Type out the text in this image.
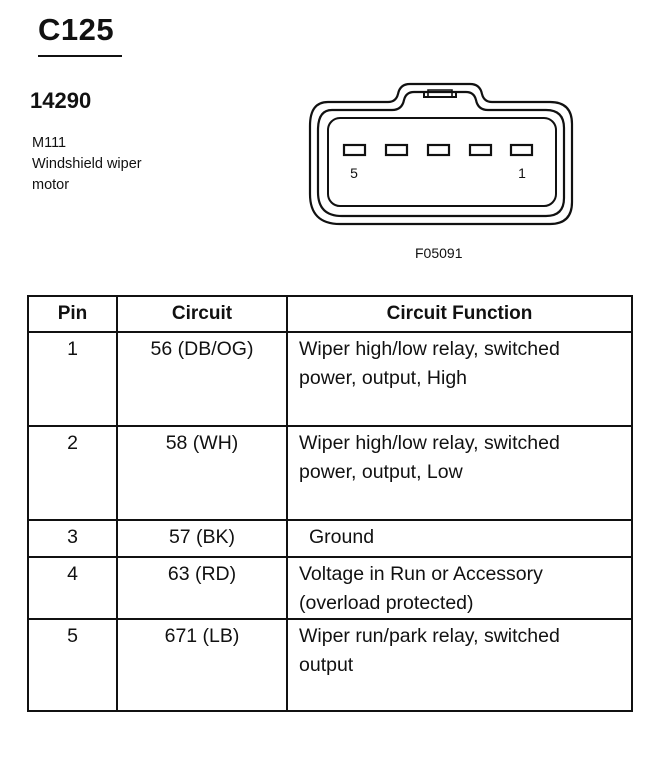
C125
14290
M111
Windshield wiper
motor
5	1
F05091
Pin	Circuit	Circuit Function
1	56 (DB/OG)	Wiper high/low relay, switched
power, output, High

2	58 (WH)	Wiper high/low relay, switched
power, output, Low

3	57 (BK)	Ground

4	63 (RD)	Voltage in Run or Accessory
(overload protected)

5	671 (LB)	Wiper run/park relay, switched
output
